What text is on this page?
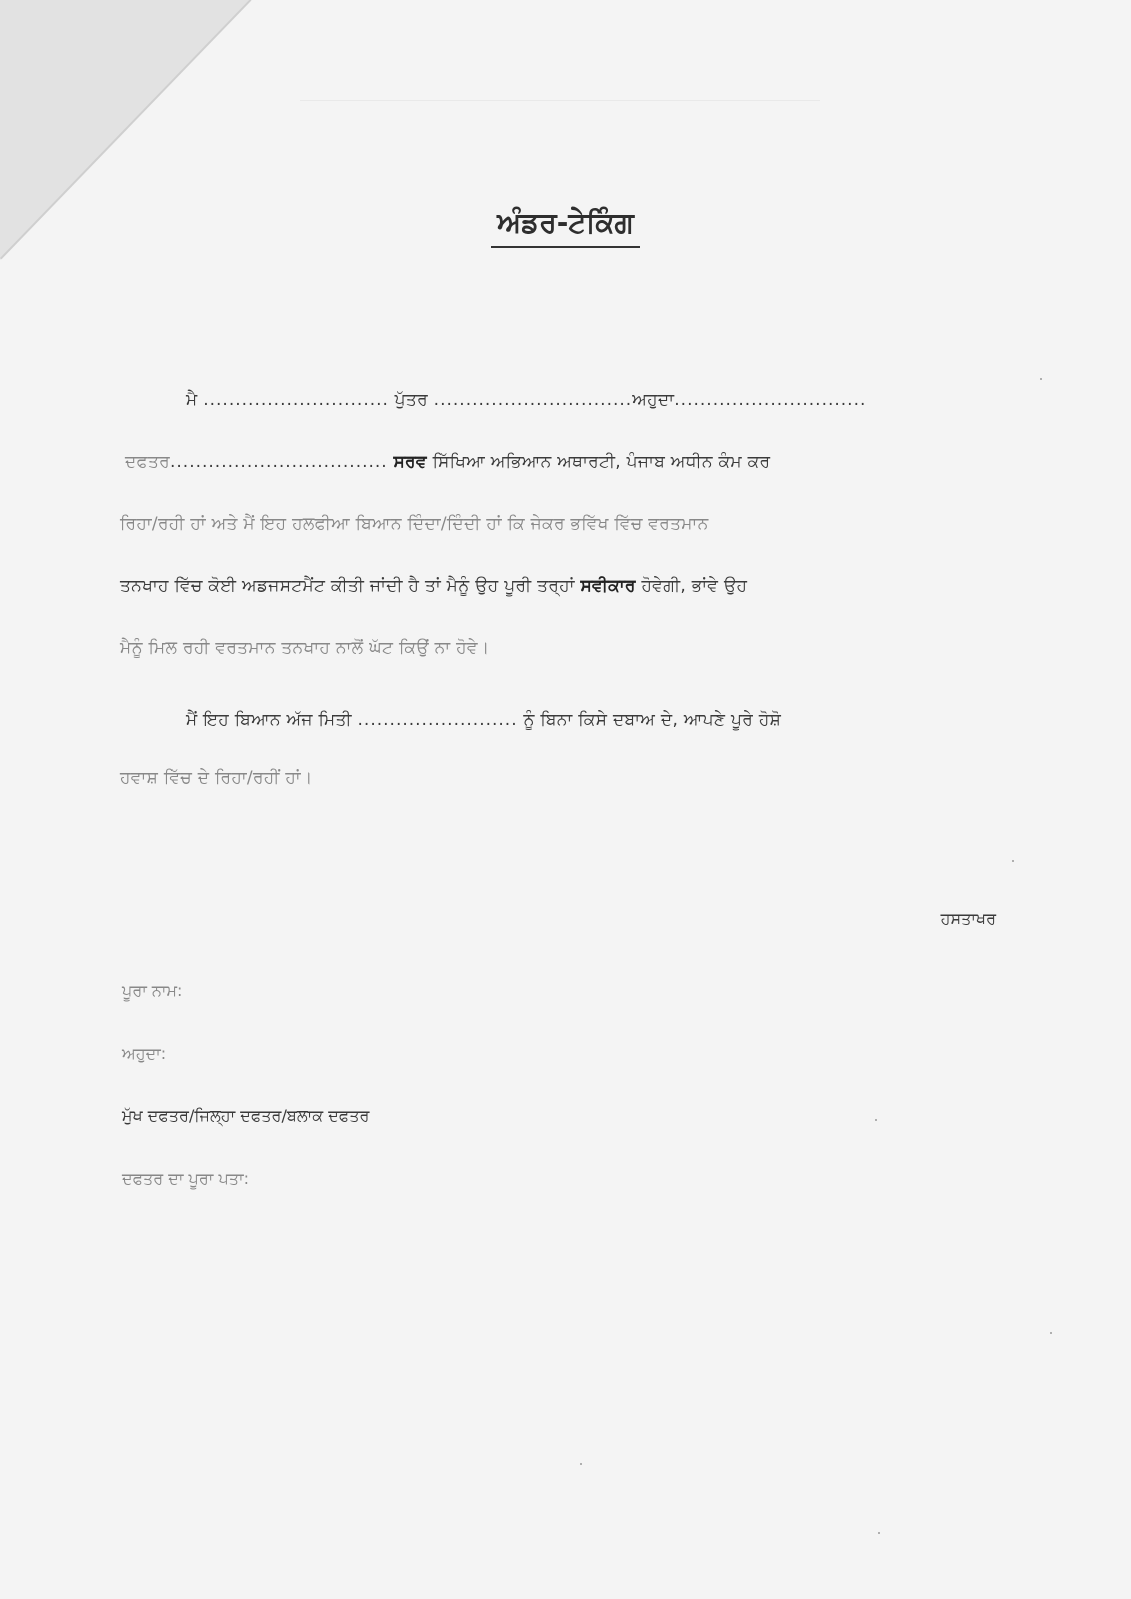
ਅੰਡਰ-ਟੇਕਿੰਗ
ਮੈ ............................. ਪੁੱਤਰ ...............................ਅਹੁਦਾ..............................
ਦਫਤਰ.................................. ਸਰਵ ਸਿੱਖਿਆ ਅਭਿਆਨ ਅਥਾਰਟੀ, ਪੰਜਾਬ ਅਧੀਨ ਕੰਮ ਕਰ
ਰਿਹਾ/ਰਹੀ ਹਾਂ ਅਤੇ ਮੈਂ ਇਹ ਹਲਫੀਆ ਬਿਆਨ ਦਿੰਦਾ/ਦਿੰਦੀ ਹਾਂ ਕਿ ਜੇਕਰ ਭਵਿੱਖ ਵਿੱਚ ਵਰਤਮਾਨ
ਤਨਖਾਹ ਵਿੱਚ ਕੋਈ ਅਡਜਸਟਮੈਂਟ ਕੀਤੀ ਜਾਂਦੀ ਹੈ ਤਾਂ ਮੈਨੂੰ ਉਹ ਪੂਰੀ ਤਰ੍ਹਾਂ ਸਵੀਕਾਰ ਹੋਵੇਗੀ, ਭਾਂਵੇ ਉਹ
ਮੈਨੂੰ ਮਿਲ ਰਹੀ ਵਰਤਮਾਨ ਤਨਖਾਹ ਨਾਲੋਂ ਘੱਟ ਕਿਉਂ ਨਾ ਹੋਵੇ।
ਮੈਂ ਇਹ ਬਿਆਨ ਅੱਜ ਮਿਤੀ ......................... ਨੂੰ ਬਿਨਾ ਕਿਸੇ ਦਬਾਅ ਦੇ, ਆਪਣੇ ਪੂਰੇ ਹੋਸ਼ੋ
ਹਵਾਸ਼ ਵਿੱਚ ਦੇ ਰਿਹਾ/ਰਹੀਂ ਹਾਂ।
ਹਸਤਾਖਰ
ਪੂਰਾ ਨਾਮ:
ਅਹੁਦਾ:
ਮੁੱਖ ਦਫਤਰ/ਜਿਲ੍ਹਾ ਦਫਤਰ/ਬਲਾਕ ਦਫਤਰ
ਦਫਤਰ ਦਾ ਪੂਰਾ ਪਤਾ:
